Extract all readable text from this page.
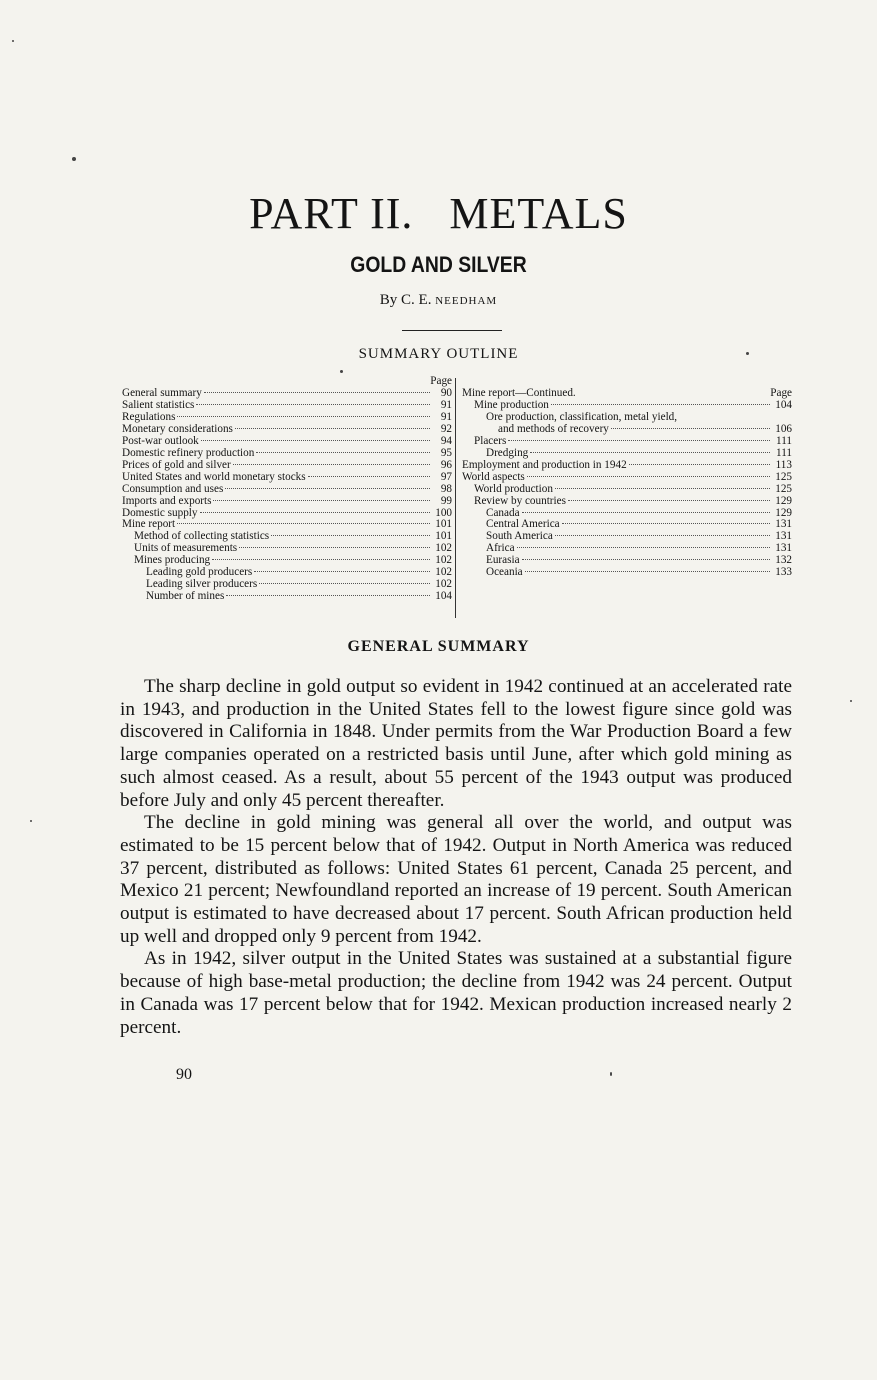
PART II.   METALS
GOLD AND SILVER
By C. E. NEEDHAM
SUMMARY OUTLINE
Page
General summary	90
Salient statistics	91
Regulations	91
Monetary considerations	92
Post-war outlook	94
Domestic refinery production	95
Prices of gold and silver	96
United States and world monetary stocks	97
Consumption and uses	98
Imports and exports	99
Domestic supply	100
Mine report	101
Method of collecting statistics	101
Units of measurements	102
Mines producing	102
Leading gold producers	102
Leading silver producers	102
Number of mines	104
Mine report—Continued.	Page
Mine production	104
Ore production, classification, metal yield,
and methods of recovery	106
Placers	111
Dredging	111
Employment and production in 1942	113
World aspects	125
World production	125
Review by countries	129
Canada	129
Central America	131
South America	131
Africa	131
Eurasia	132
Oceania	133
GENERAL SUMMARY

The sharp decline in gold output so evident in 1942 continued at an accelerated rate in 1943, and production in the United States fell to the lowest figure since gold was discovered in California in 1848. Under permits from the War Production Board a few large companies operated on a restricted basis until June, after which gold mining as such almost ceased. As a result, about 55 percent of the 1943 output was produced before July and only 45 percent thereafter.

The decline in gold mining was general all over the world, and output was estimated to be 15 percent below that of 1942. Output in North America was reduced 37 percent, distributed as follows: United States 61 percent, Canada 25 percent, and Mexico 21 percent; Newfoundland reported an increase of 19 percent. South American output is estimated to have decreased about 17 percent. South African production held up well and dropped only 9 percent from 1942.

As in 1942, silver output in the United States was sustained at a substantial figure because of high base-metal production; the decline from 1942 was 24 percent. Output in Canada was 17 percent below that for 1942. Mexican production increased nearly 2 percent.

90
